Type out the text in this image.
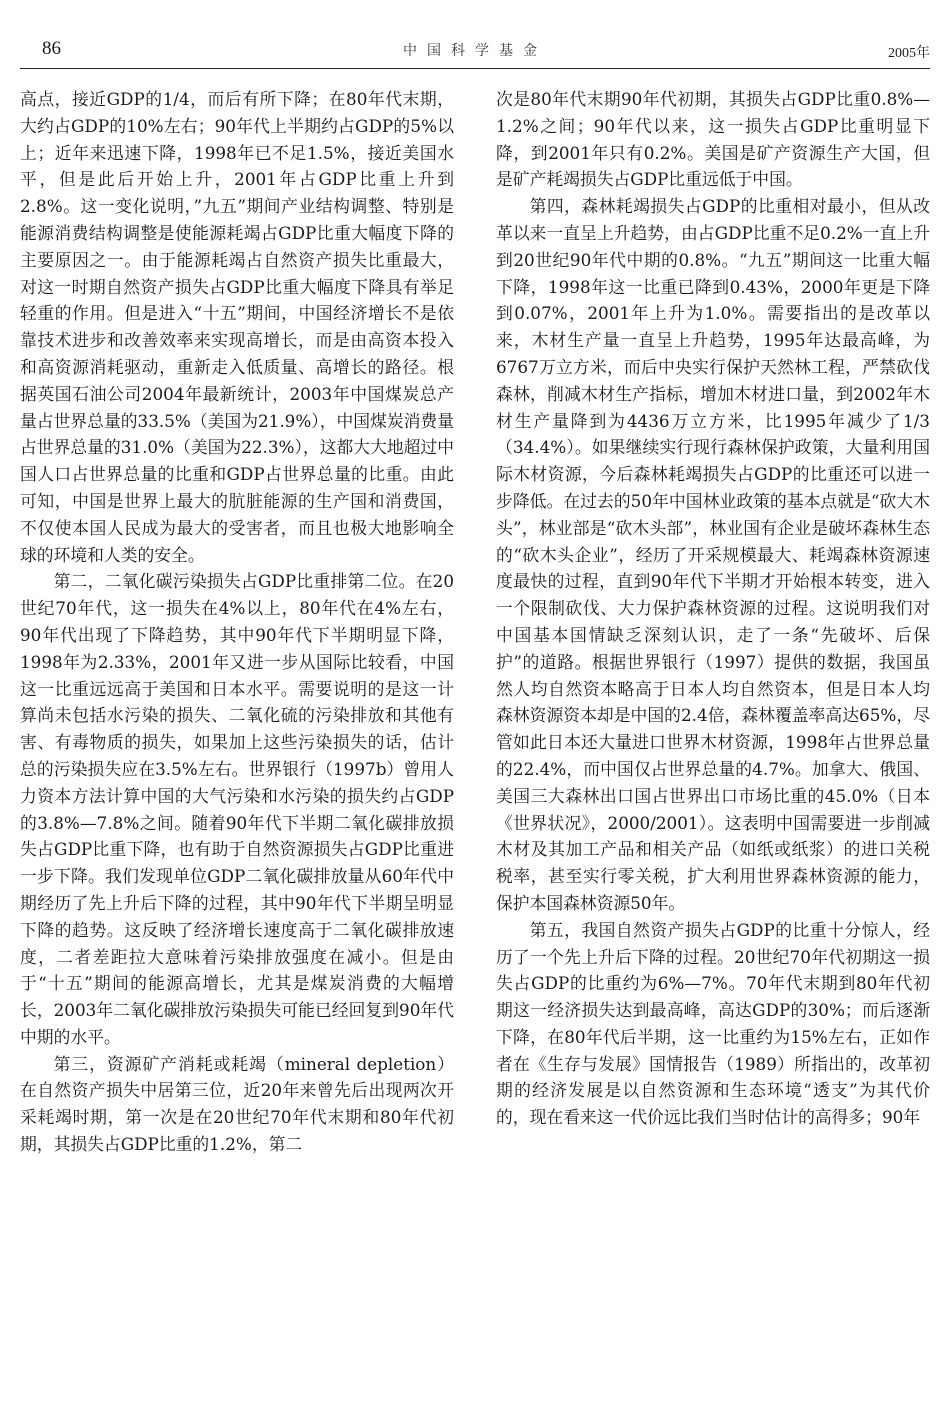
86	中国科学基金	2005年

高点，接近GDP的1/4，而后有所下降；在80年代末期，大约占GDP的10%左右；90年代上半期约占GDP的5%以上；近年来迅速下降，1998年已不足1.5%，接近美国水平，但是此后开始上升，2001年占GDP比重上升到2.8%。这一变化说明，”九五”期间产业结构调整、特别是能源消费结构调整是使能源耗竭占GDP比重大幅度下降的主要原因之一。由于能源耗竭占自然资产损失比重最大，对这一时期自然资产损失占GDP比重大幅度下降具有举足轻重的作用。但是进入“十五”期间，中国经济增长不是依靠技术进步和改善效率来实现高增长，而是由高资本投入和高资源消耗驱动，重新走入低质量、高增长的路径。根据英国石油公司2004年最新统计，2003年中国煤炭总产量占世界总量的33.5%（美国为21.9%），中国煤炭消费量占世界总量的31.0%（美国为22.3%），这都大大地超过中国人口占世界总量的比重和GDP占世界总量的比重。由此可知，中国是世界上最大的肮脏能源的生产国和消费国，不仅使本国人民成为最大的受害者，而且也极大地影响全球的环境和人类的安全。

第二，二氧化碳污染损失占GDP比重排第二位。在20世纪70年代，这一损失在4%以上，80年代在4%左右，90年代出现了下降趋势，其中90年代下半期明显下降，1998年为2.33%，2001年又进一步从国际比较看，中国这一比重远远高于美国和日本水平。需要说明的是这一计算尚未包括水污染的损失、二氧化硫的污染排放和其他有害、有毒物质的损失，如果加上这些污染损失的话，估计总的污染损失应在3.5%左右。世界银行（1997b）曾用人力资本方法计算中国的大气污染和水污染的损失约占GDP的3.8%—7.8%之间。随着90年代下半期二氧化碳排放损失占GDP比重下降，也有助于自然资源损失占GDP比重进一步下降。我们发现单位GDP二氧化碳排放量从60年代中期经历了先上升后下降的过程，其中90年代下半期呈明显下降的趋势。这反映了经济增长速度高于二氧化碳排放速度，二者差距拉大意味着污染排放强度在减小。但是由于“十五”期间的能源高增长，尤其是煤炭消费的大幅增长，2003年二氧化碳排放污染损失可能已经回复到90年代中期的水平。

第三，资源矿产消耗或耗竭（mineral depletion）在自然资产损失中居第三位，近20年来曾先后出现两次开采耗竭时期，第一次是在20世纪70年代末期和80年代初期，其损失占GDP比重的1.2%，第二

次是80年代末期90年代初期，其损失占GDP比重0.8%—1.2%之间；90年代以来，这一损失占GDP比重明显下降，到2001年只有0.2%。美国是矿产资源生产大国，但是矿产耗竭损失占GDP比重远低于中国。

第四，森林耗竭损失占GDP的比重相对最小，但从改革以来一直呈上升趋势，由占GDP比重不足0.2%一直上升到20世纪90年代中期的0.8%。“九五”期间这一比重大幅下降，1998年这一比重已降到0.43%，2000年更是下降到0.07%，2001年上升为1.0%。需要指出的是改革以来，木材生产量一直呈上升趋势，1995年达最高峰，为6767万立方米，而后中央实行保护天然林工程，严禁砍伐森林，削减木材生产指标，增加木材进口量，到2002年木材生产量降到为4436万立方米，比1995年减少了1/3（34.4%）。如果继续实行现行森林保护政策，大量利用国际木材资源，今后森林耗竭损失占GDP的比重还可以进一步降低。在过去的50年中国林业政策的基本点就是“砍大木头”，林业部是“砍木头部”，林业国有企业是破坏森林生态的“砍木头企业”，经历了开采规模最大、耗竭森林资源速度最快的过程，直到90年代下半期才开始根本转变，进入一个限制砍伐、大力保护森林资源的过程。这说明我们对中国基本国情缺乏深刻认识，走了一条“先破坏、后保护”的道路。根据世界银行（1997）提供的数据，我国虽然人均自然资本略高于日本人均自然资本，但是日本人均森林资源资本却是中国的2.4倍，森林覆盖率高达65%，尽管如此日本还大量进口世界木材资源，1998年占世界总量的22.4%，而中国仅占世界总量的4.7%。加拿大、俄国、美国三大森林出口国占世界出口市场比重的45.0%（日本《世界状况》，2000/2001）。这表明中国需要进一步削减木材及其加工产品和相关产品（如纸或纸浆）的进口关税税率，甚至实行零关税，扩大利用世界森林资源的能力，保护本国森林资源50年。

第五，我国自然资产损失占GDP的比重十分惊人，经历了一个先上升后下降的过程。20世纪70年代初期这一损失占GDP的比重约为6%—7%。70年代末期到80年代初期这一经济损失达到最高峰，高达GDP的30%；而后逐渐下降，在80年代后半期，这一比重约为15%左右，正如作者在《生存与发展》国情报告（1989）所指出的，改革初期的经济发展是以自然资源和生态环境“透支”为其代价的，现在看来这一代价远比我们当时估计的高得多；90年
